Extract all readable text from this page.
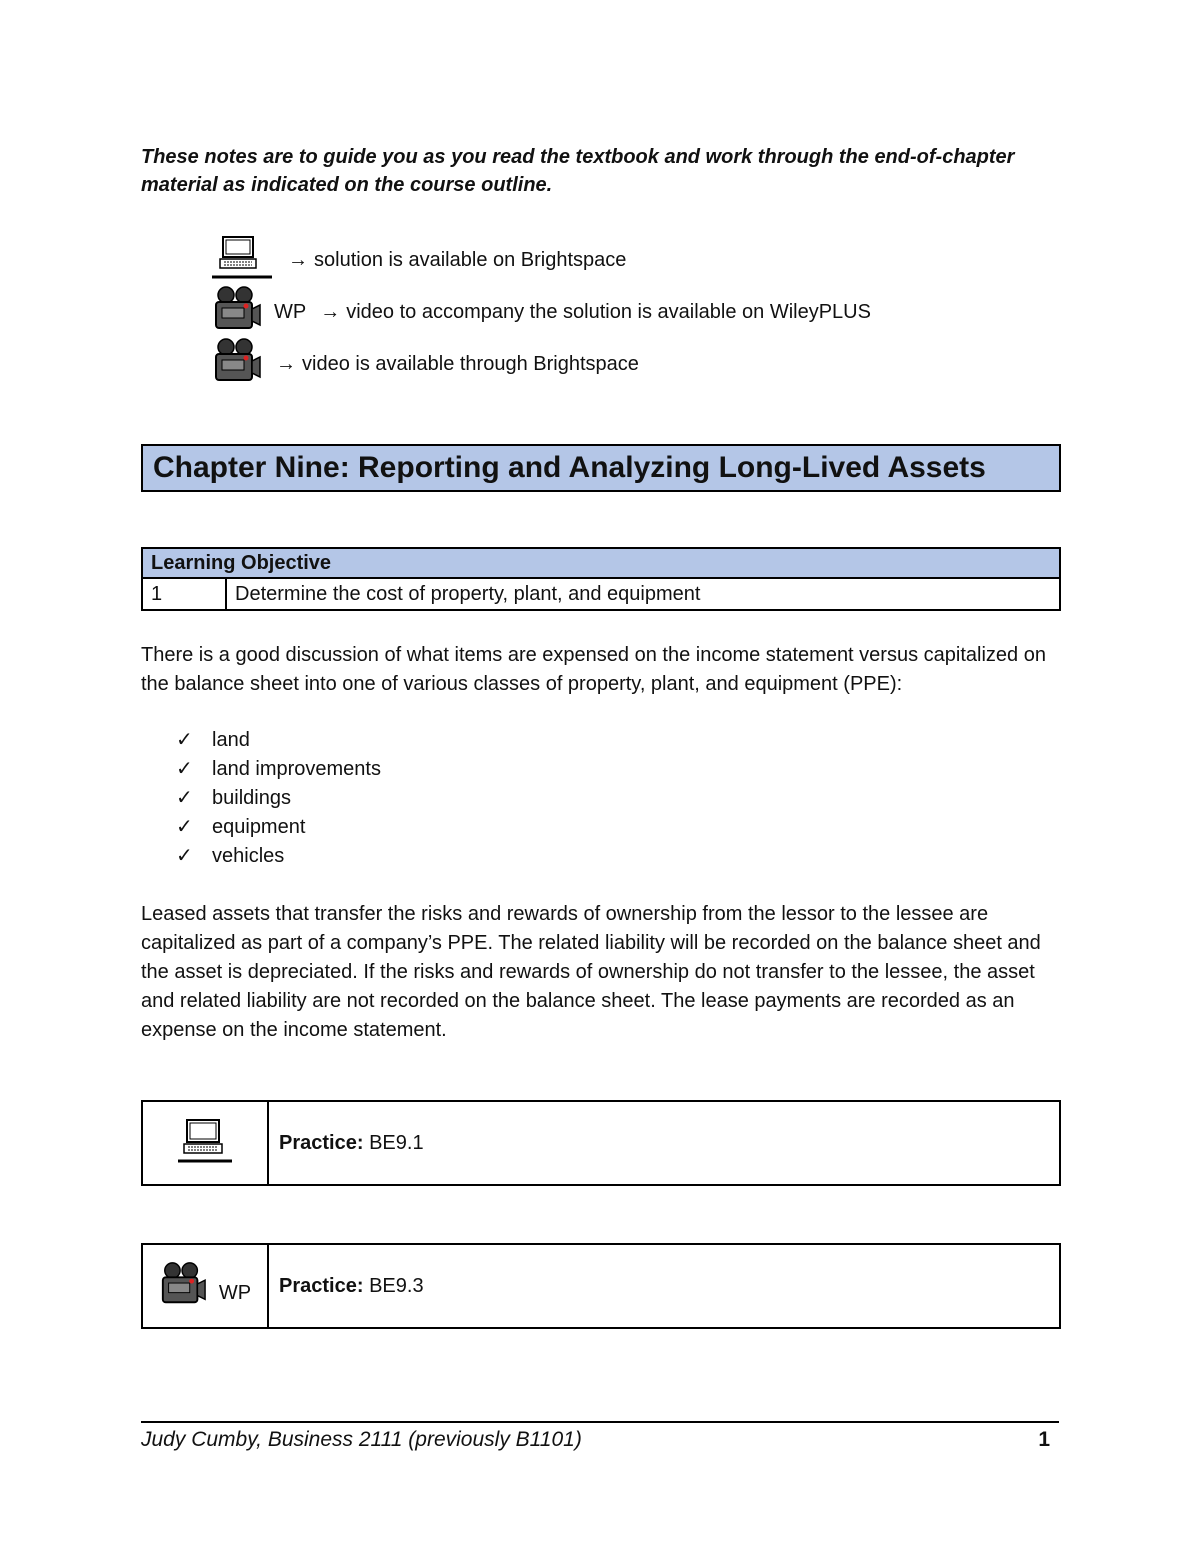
These notes are to guide you as you read the textbook and work through the end-of-chapter material as indicated on the course outline.
→ solution is available on Brightspace
WP → video to accompany the solution is available on WileyPLUS
→ video is available through Brightspace
Chapter Nine: Reporting and Analyzing Long-Lived Assets
Learning Objective
1	Determine the cost of property, plant, and equipment
There is a good discussion of what items are expensed on the income statement versus capitalized on the balance sheet into one of various classes of property, plant, and equipment (PPE):
✓ land
✓ land improvements
✓ buildings
✓ equipment
✓ vehicles
Leased assets that transfer the risks and rewards of ownership from the lessor to the lessee are capitalized as part of a company’s PPE. The related liability will be recorded on the balance sheet and the asset is depreciated. If the risks and rewards of ownership do not transfer to the lessee, the asset and related liability are not recorded on the balance sheet. The lease payments are recorded as an expense on the income statement.
Practice :
BE9.1
WP Practice :
BE9.3
Judy Cumby, Business 2111 (previously B1101)	1
